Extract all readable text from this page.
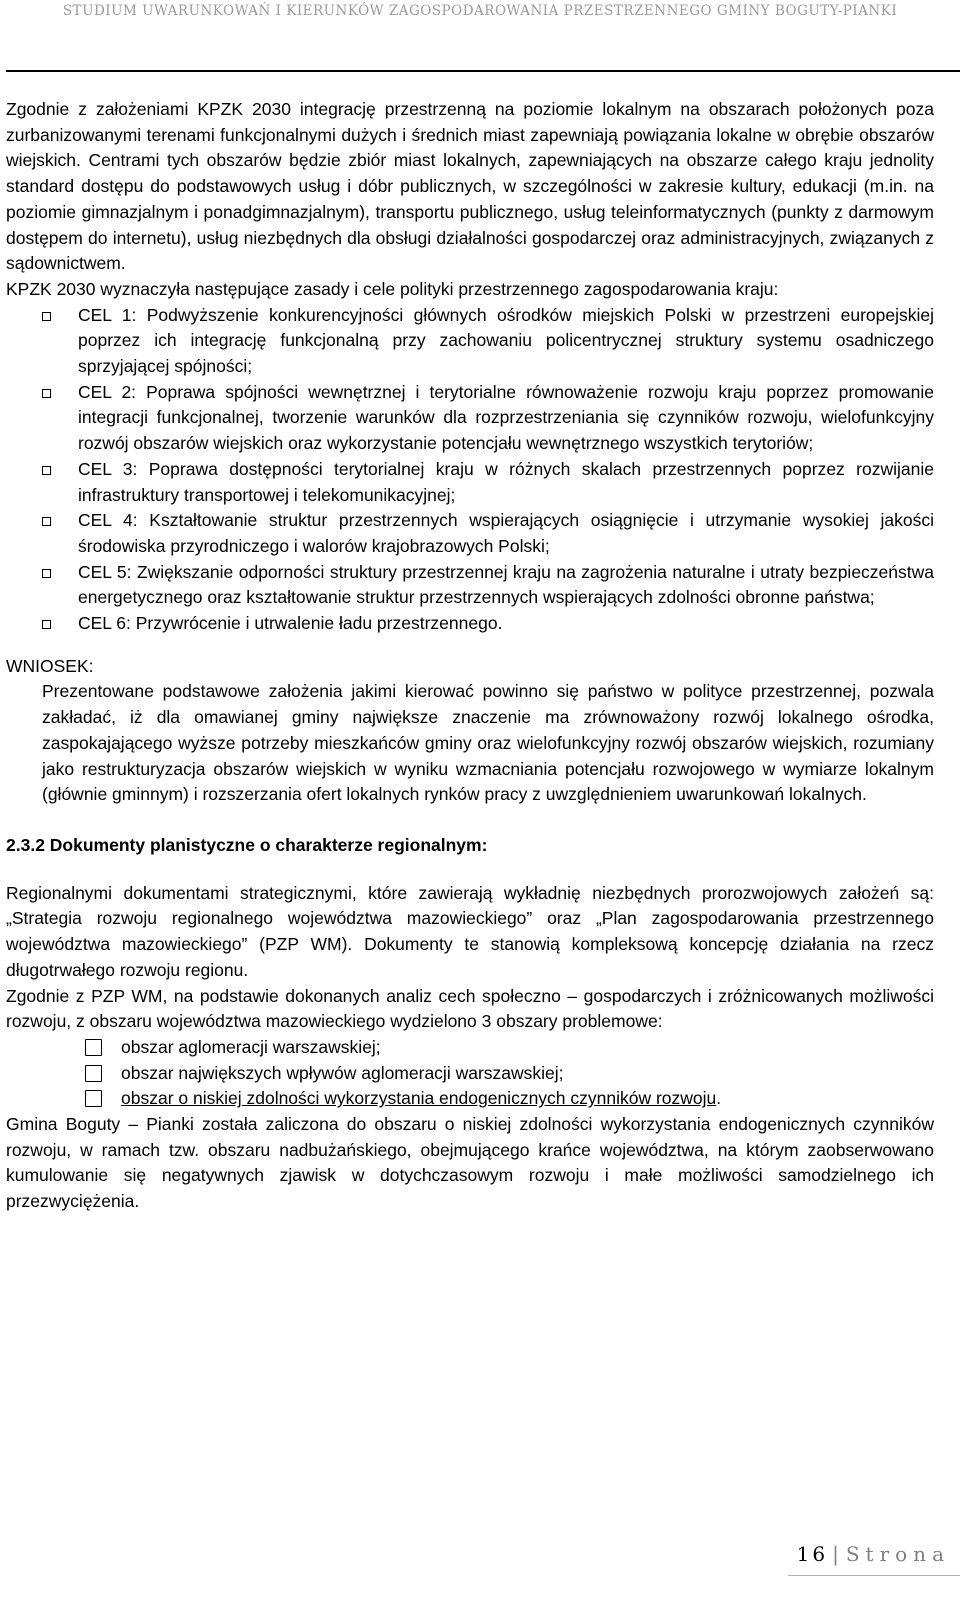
STUDIUM UWARUNKOWAŃ I KIERUNKÓW ZAGOSPODAROWANIA PRZESTRZENNEGO GMINY BOGUTY-PIANKI

Zgodnie z założeniami KPZK 2030 integrację przestrzenną na poziomie lokalnym na obszarach położonych poza zurbanizowanymi terenami funkcjonalnymi dużych i średnich miast zapewniają powiązania lokalne w obrębie obszarów wiejskich. Centrami tych obszarów będzie zbiór miast lokalnych, zapewniających na obszarze całego kraju jednolity standard dostępu do podstawowych usług i dóbr publicznych, w szczególności w zakresie kultury, edukacji (m.in. na poziomie gimnazjalnym i ponadgimnazjalnym), transportu publicznego, usług teleinformatycznych (punkty z darmowym dostępem do internetu), usług niezbędnych dla obsługi działalności gospodarczej oraz administracyjnych, związanych z sądownictwem.

KPZK 2030 wyznaczyła następujące zasady i cele polityki przestrzennego zagospodarowania kraju:

CEL 1: Podwyższenie konkurencyjności głównych ośrodków miejskich Polski w przestrzeni europejskiej poprzez ich integrację funkcjonalną przy zachowaniu policentrycznej struktury systemu osadniczego sprzyjającej spójności;
CEL 2: Poprawa spójności wewnętrznej i terytorialne równoważenie rozwoju kraju poprzez promowanie integracji funkcjonalnej, tworzenie warunków dla rozprzestrzeniania się czynników rozwoju, wielofunkcyjny rozwój obszarów wiejskich oraz wykorzystanie potencjału wewnętrznego wszystkich terytoriów;
CEL 3: Poprawa dostępności terytorialnej kraju w różnych skalach przestrzennych poprzez rozwijanie infrastruktury transportowej i telekomunikacyjnej;
CEL 4: Kształtowanie struktur przestrzennych wspierających osiągnięcie i utrzymanie wysokiej jakości środowiska przyrodniczego i walorów krajobrazowych Polski;
CEL 5: Zwiększanie odporności struktury przestrzennej kraju na zagrożenia naturalne i utraty bezpieczeństwa energetycznego oraz kształtowanie struktur przestrzennych wspierających zdolności obronne państwa;
CEL 6: Przywrócenie i utrwalenie ładu przestrzennego.

WNIOSEK:

Prezentowane podstawowe założenia jakimi kierować powinno się państwo w polityce przestrzennej, pozwala zakładać, iż dla omawianej gminy największe znaczenie ma zrównoważony rozwój lokalnego ośrodka, zaspokajającego wyższe potrzeby mieszkańców gminy oraz wielofunkcyjny rozwój obszarów wiejskich, rozumiany jako restrukturyzacja obszarów wiejskich w wyniku wzmacniania potencjału rozwojowego w wymiarze lokalnym (głównie gminnym) i rozszerzania ofert lokalnych rynków pracy z uwzględnieniem uwarunkowań lokalnych.

2.3.2 Dokumenty planistyczne o charakterze regionalnym:

Regionalnymi dokumentami strategicznymi, które zawierają wykładnię niezbędnych prorozwojowych założeń są: „Strategia rozwoju regionalnego województwa mazowieckiego” oraz „Plan zagospodarowania przestrzennego województwa mazowieckiego” (PZP WM). Dokumenty te stanowią kompleksową koncepcję działania na rzecz długotrwałego rozwoju regionu.

Zgodnie z PZP WM, na podstawie dokonanych analiz cech społeczno – gospodarczych i zróżnicowanych możliwości rozwoju, z obszaru województwa mazowieckiego wydzielono 3 obszary problemowe:

obszar aglomeracji warszawskiej;
obszar największych wpływów aglomeracji warszawskiej;
obszar o niskiej zdolności wykorzystania endogenicznych czynników rozwoju.

Gmina Boguty – Pianki została zaliczona do obszaru o niskiej zdolności wykorzystania endogenicznych czynników rozwoju, w ramach tzw. obszaru nadbużańskiego, obejmującego krańce województwa, na którym zaobserwowano kumulowanie się negatywnych zjawisk w dotychczasowym rozwoju i małe możliwości samodzielnego ich przezwyciężenia.

16 | Strona
